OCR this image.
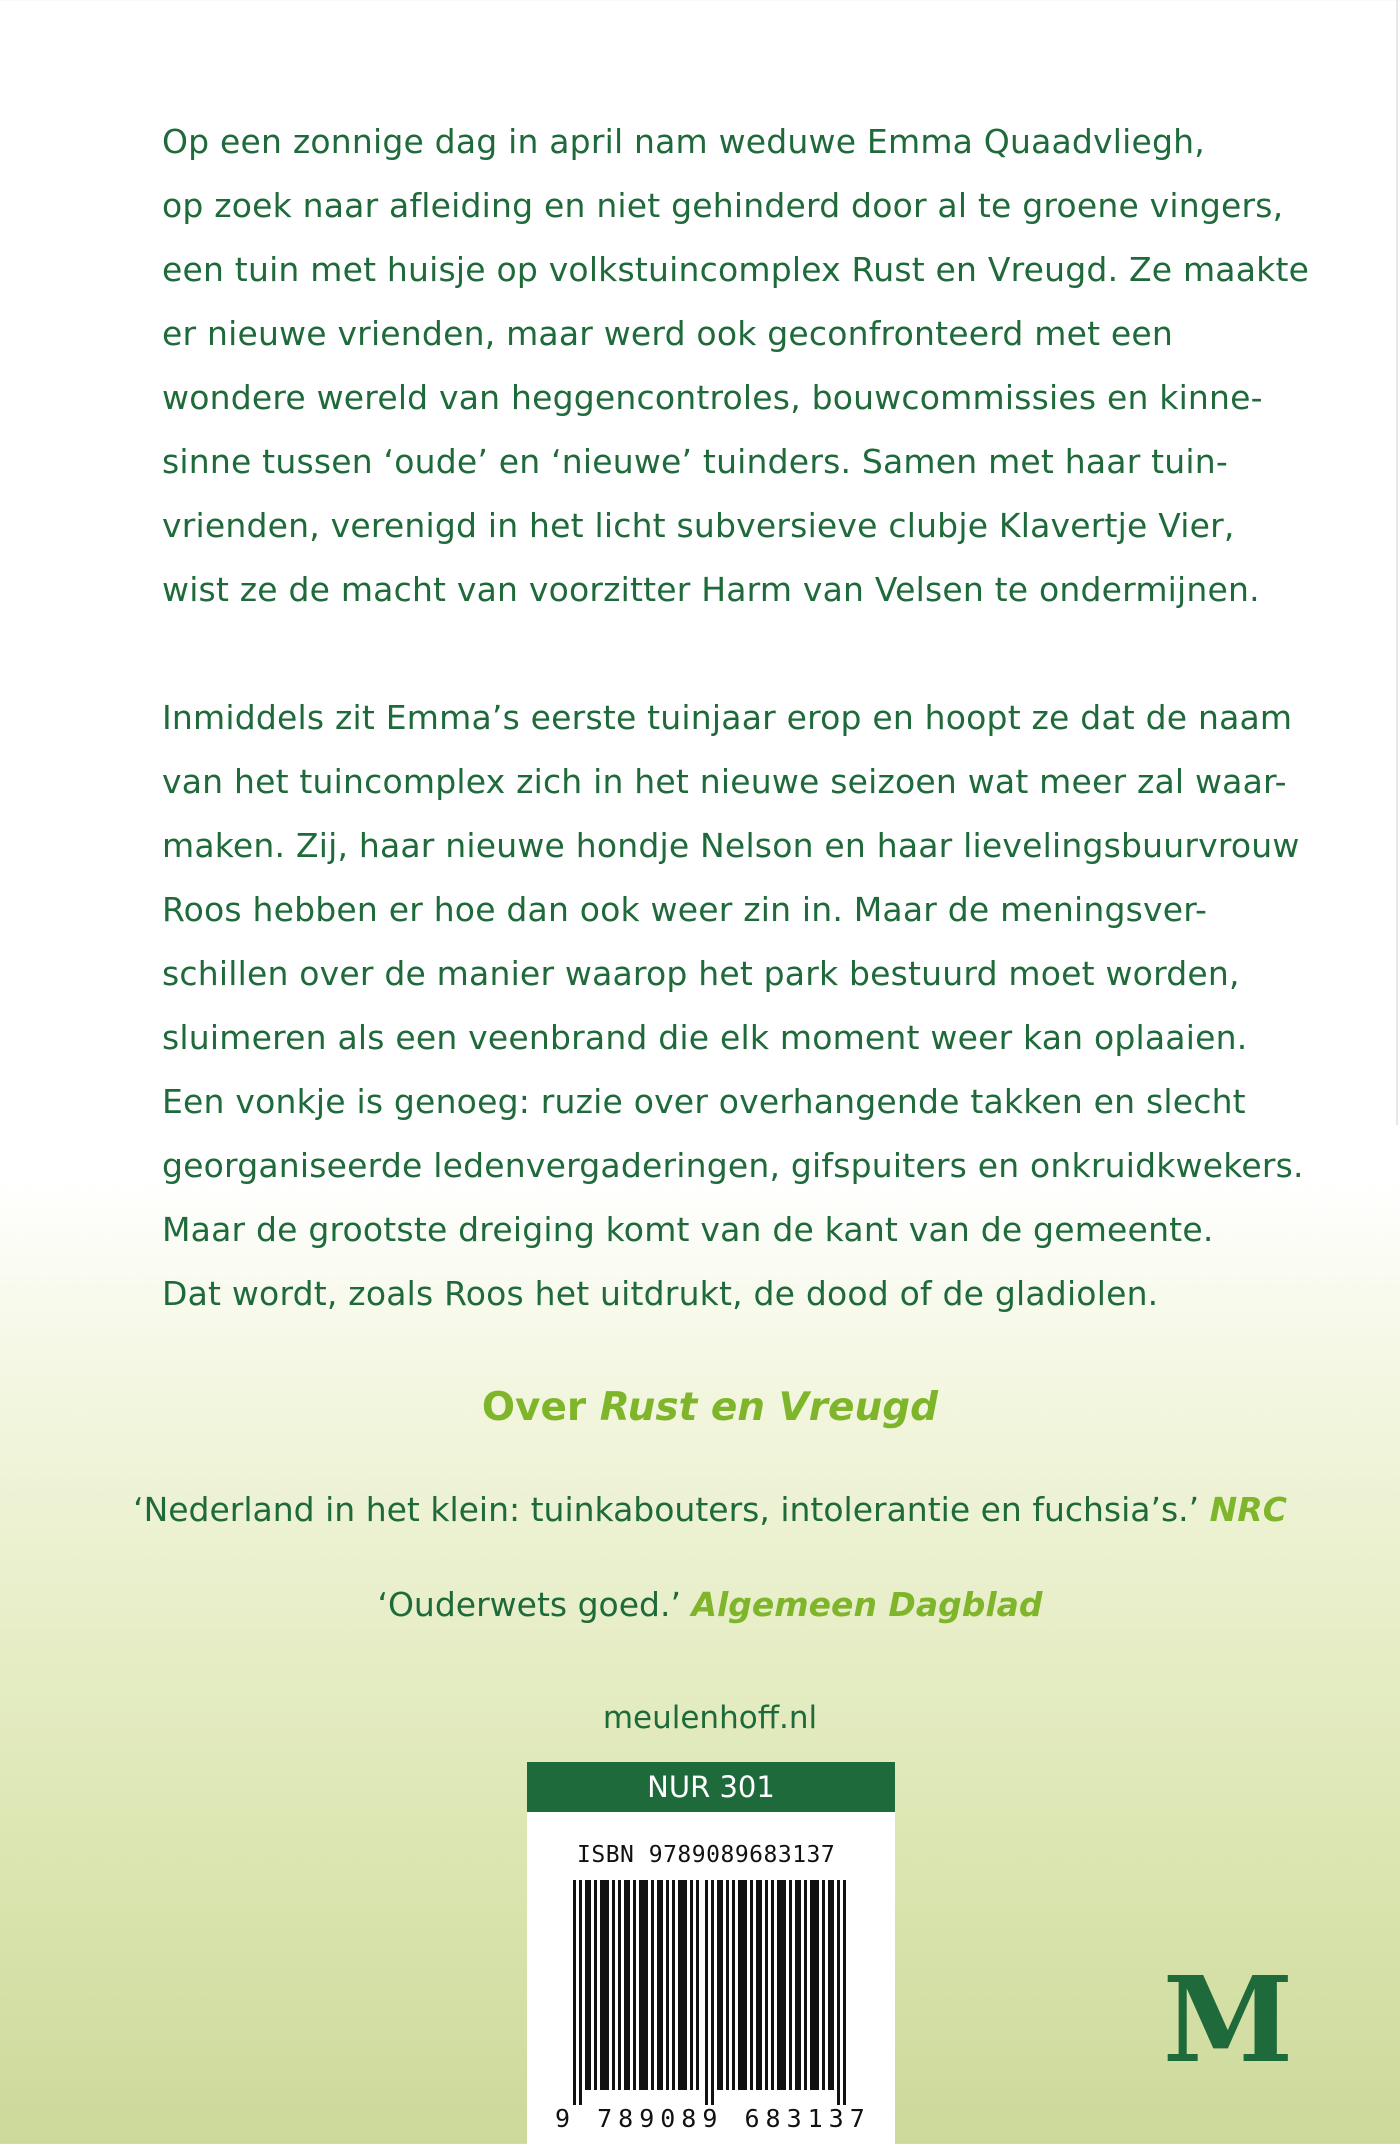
Op een zonnige dag in april nam weduwe Emma Quaadvliegh,
op zoek naar afleiding en niet gehinderd door al te groene vingers,
een tuin met huisje op volkstuincomplex Rust en Vreugd. Ze maakte
er nieuwe vrienden, maar werd ook geconfronteerd met een
wondere wereld van heggencontroles, bouwcommissies en kinne-
sinne tussen ‘oude’ en ‘nieuwe’ tuinders. Samen met haar tuin-
vrienden, verenigd in het licht subversieve clubje Klavertje Vier,
wist ze de macht van voorzitter Harm van Velsen te ondermijnen.
Inmiddels zit Emma’s eerste tuinjaar erop en hoopt ze dat de naam
van het tuincomplex zich in het nieuwe seizoen wat meer zal waar-
maken. Zij, haar nieuwe hondje Nelson en haar lievelingsbuurvrouw
Roos hebben er hoe dan ook weer zin in. Maar de meningsver-
schillen over de manier waarop het park bestuurd moet worden,
sluimeren als een veenbrand die elk moment weer kan oplaaien.
Een vonkje is genoeg: ruzie over overhangende takken en slecht
georganiseerde ledenvergaderingen, gifspuiters en onkruidkwekers.
Maar de grootste dreiging komt van de kant van de gemeente.
Dat wordt, zoals Roos het uitdrukt, de dood of de gladiolen.
Over Rust en Vreugd
‘Nederland in het klein: tuinkabouters, intolerantie en fuchsia’s.’ NRC
‘Ouderwets goed.’ Algemeen Dagblad
meulenhoff.nl
NUR 301
ISBN 9789089683137
9 789089 683137
M
